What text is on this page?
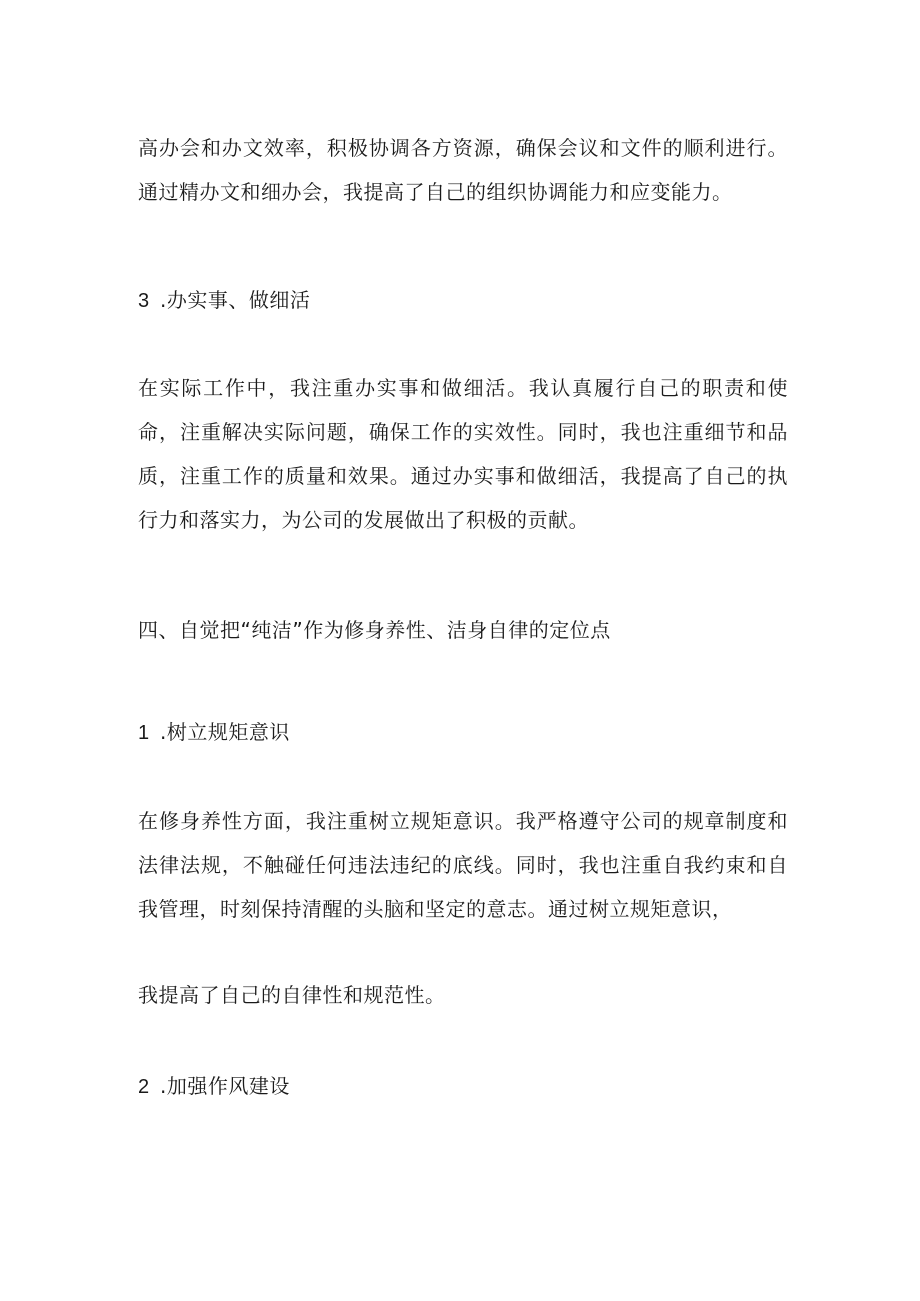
高办会和办文效率，积极协调各方资源，确保会议和文件的顺利进行。通过精办文和细办会，我提高了自己的组织协调能力和应变能力。

3 .办实事、做细活

在实际工作中，我注重办实事和做细活。我认真履行自己的职责和使命，注重解决实际问题，确保工作的实效性。同时，我也注重细节和品质，注重工作的质量和效果。通过办实事和做细活，我提高了自己的执行力和落实力，为公司的发展做出了积极的贡献。

四、自觉把“纯洁”作为修身养性、洁身自律的定位点
1 .树立规矩意识

在修身养性方面，我注重树立规矩意识。我严格遵守公司的规章制度和法律法规，不触碰任何违法违纪的底线。同时，我也注重自我约束和自我管理，时刻保持清醒的头脑和坚定的意志。通过树立规矩意识，

我提高了自己的自律性和规范性。
2 .加强作风建设
